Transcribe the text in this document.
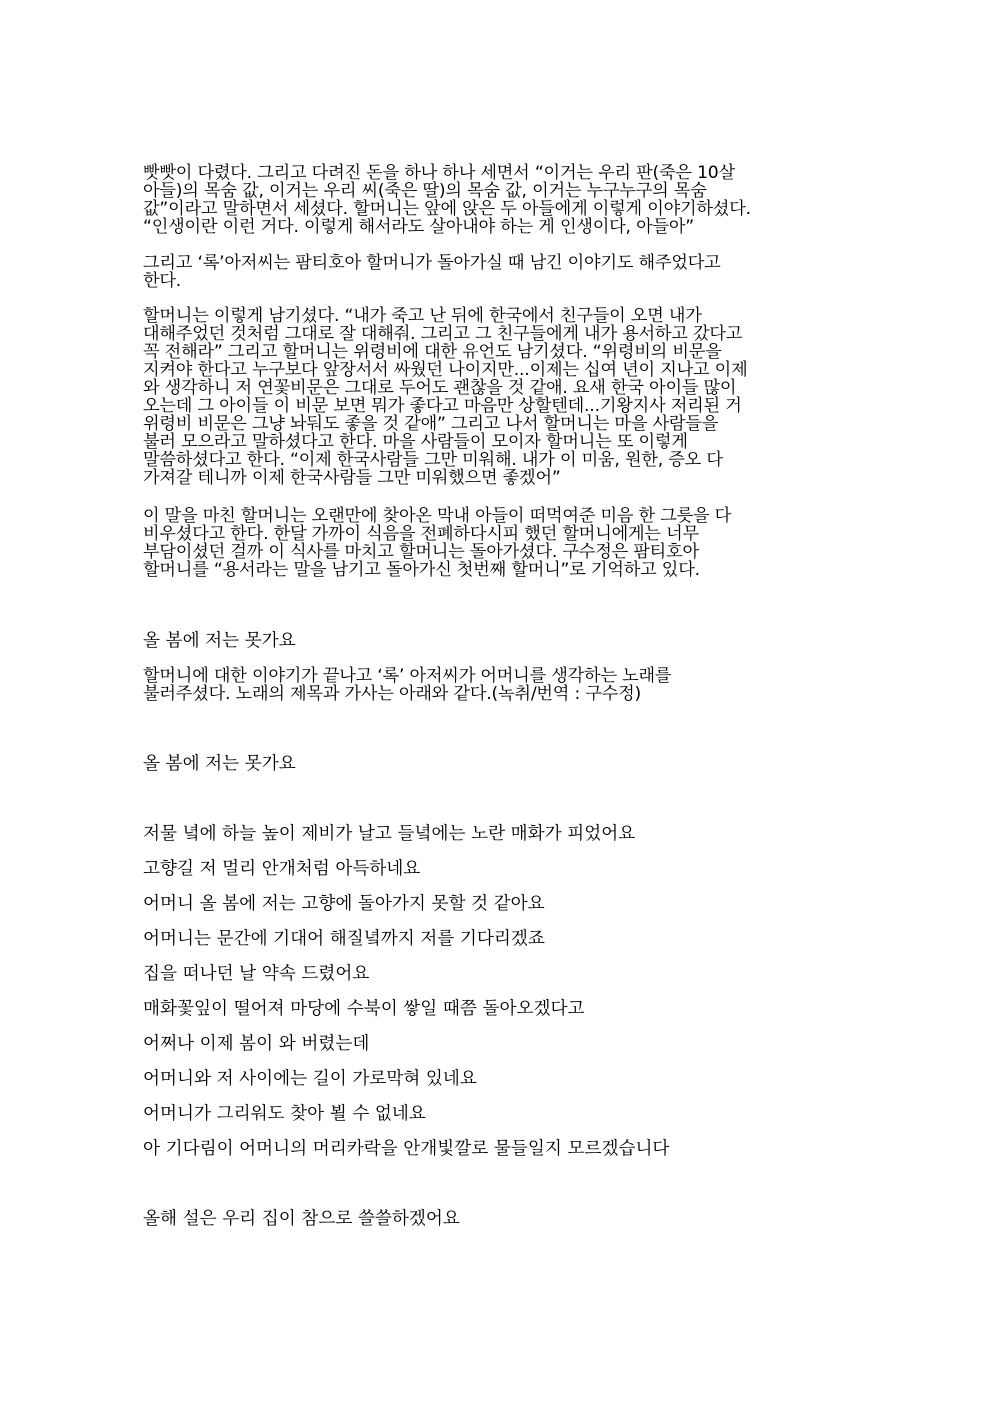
빳빳이 다렸다. 그리고 다려진 돈을 하나 하나 세면서 “이거는 우리 판(죽은 10살
아들)의 목숨 값, 이거는 우리 씨(죽은 딸)의 목숨 값, 이거는 누구누구의 목숨
값”이라고 말하면서 세셨다. 할머니는 앞에 앉은 두 아들에게 이렇게 이야기하셨다.
“인생이란 이런 거다. 이렇게 해서라도 살아내야 하는 게 인생이다, 아들아”

그리고 ‘록’아저씨는 팜티호아 할머니가 돌아가실 때 남긴 이야기도 해주었다고
한다.

할머니는 이렇게 남기셨다. “내가 죽고 난 뒤에 한국에서 친구들이 오면 내가
대해주었던 것처럼 그대로 잘 대해줘. 그리고 그 친구들에게 내가 용서하고 갔다고
꼭 전해라” 그리고 할머니는 위령비에 대한 유언도 남기셨다. “위령비의 비문을
지켜야 한다고 누구보다 앞장서서 싸웠던 나이지만...이제는 십여 년이 지나고 이제
와 생각하니 저 연꽃비문은 그대로 두어도 괜찮을 것 같애. 요새 한국 아이들 많이
오는데 그 아이들 이 비문 보면 뭐가 좋다고 마음만 상할텐데...기왕지사 저리된 거
위령비 비문은 그냥 놔둬도 좋을 것 같애” 그리고 나서 할머니는 마을 사람들을
불러 모으라고 말하셨다고 한다. 마을 사람들이 모이자 할머니는 또 이렇게
말씀하셨다고 한다. “이제 한국사람들 그만 미워해. 내가 이 미움, 원한, 증오 다
가져갈 테니까 이제 한국사람들 그만 미워했으면 좋겠어”

이 말을 마친 할머니는 오랜만에 찾아온 막내 아들이 떠먹여준 미음 한 그릇을 다
비우셨다고 한다. 한달 가까이 식음을 전폐하다시피 했던 할머니에게는 너무
부담이셨던 걸까 이 식사를 마치고 할머니는 돌아가셨다. 구수정은 팜티호아
할머니를 “용서라는 말을 남기고 돌아가신 첫번째 할머니”로 기억하고 있다.

올 봄에 저는 못가요

할머니에 대한 이야기가 끝나고 ‘록’ 아저씨가 어머니를 생각하는 노래를
불러주셨다. 노래의 제목과 가사는 아래와 같다.(녹취/번역 : 구수정)

올 봄에 저는 못가요

저물 녘에 하늘 높이 제비가 날고 들녘에는 노란 매화가 피었어요

고향길 저 멀리 안개처럼 아득하네요

어머니 올 봄에 저는 고향에 돌아가지 못할 것 같아요

어머니는 문간에 기대어 해질녘까지 저를 기다리겠죠

집을 떠나던 날 약속 드렸어요

매화꽃잎이 떨어져 마당에 수북이 쌓일 때쯤 돌아오겠다고

어쩌나 이제 봄이 와 버렸는데

어머니와 저 사이에는 길이 가로막혀 있네요

어머니가 그리워도 찾아 뵐 수 없네요

아 기다림이 어머니의 머리카락을 안개빛깔로 물들일지 모르겠습니다

올해 설은 우리 집이 참으로 쓸쓸하겠어요
